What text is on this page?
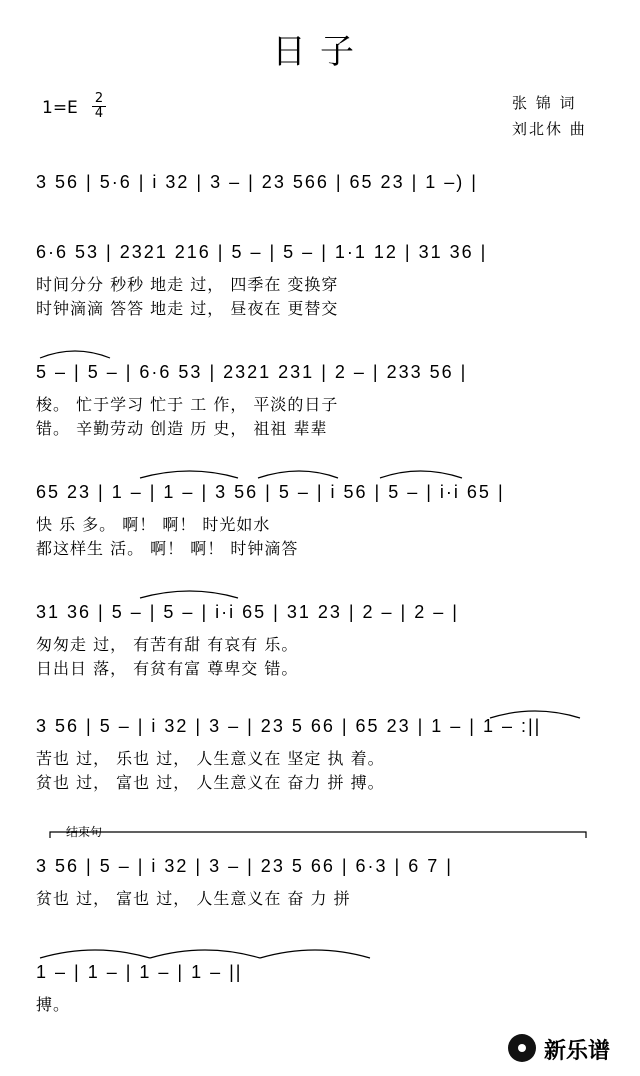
日子
$1=E \frac{2}{4}$	张 锦 词
刘北休 曲
3 56 | 5·6 | i 32 | 3 – | 23 566 | 65 23 | 1 –) |
6·6 53 | 2321 216 | 5 – | 5 – | 1·1 12 | 31 36 |
时间分分 秒秒 地走 过， 四季在 变换穿
时钟滴滴 答答 地走 过， 昼夜在 更替交
5 – | 5 – | 6·6 53 | 2321 231 | 2 – | 233 56 |
梭。 忙于学习 忙于 工 作， 平淡的日子
错。 辛勤劳动 创造 历 史， 祖祖 辈辈
65 23 | 1 – | 1 – | 3 56 | 5 – | i 56 | 5 – | i·i 65 |
快 乐 多。 啊！ 啊！ 时光如水
都这样生 活。 啊！ 啊！ 时钟滴答
31 36 | 5 – | 5 – | i·i 65 | 31 23 | 2 – | 2 – |
匆匆走 过， 有苦有甜 有哀有 乐。
日出日 落， 有贫有富 尊卑交 错。
3 56 | 5 – | i 32 | 3 – | 23 5 66 | 65 23 | 1 – | 1 – :||
苦也 过， 乐也 过， 人生意义在 坚定 执 着。
贫也 过， 富也 过， 人生意义在 奋力 拼 搏。
3 56 | 5 – | i 32 | 3 – | 23 5 66 | 6·3 | 6 7 |
贫也 过， 富也 过， 人生意义在 奋 力 拼
1 – | 1 – | 1 – | 1 – ||
搏。
结束句
新乐谱
